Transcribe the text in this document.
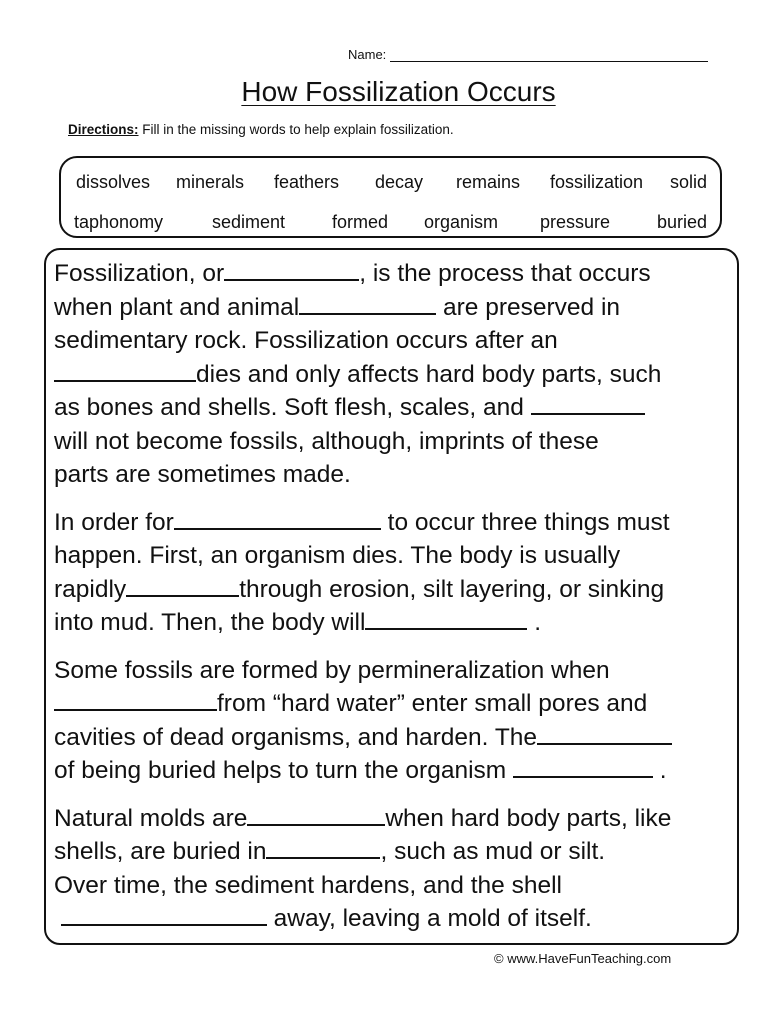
Name:
How Fossilization Occurs
Directions: Fill in the missing words to help explain fossilization.
dissolves minerals feathers decay remains fossilization solid
taphonomy	sediment	formed organism pressure	buried
Fossilization, or	, is the process that occurs
when plant and animal	are preserved in
sedimentary rock. Fossilization occurs after an
dies and only affects hard body parts, such
as bones and shells. Soft flesh, scales, and
will not become fossils, although, imprints of these
parts are sometimes made.
In order for	to occur three things must
happen. First, an organism dies. The body is usually
rapidly	through erosion, silt layering, or sinking
into mud. Then, the body will	.
Some fossils are formed by permineralization when
from “hard water” enter small pores and
cavities of dead organisms, and harden. The
of being buried helps to turn the organism	.
Natural molds are	when hard body parts, like
shells, are buried in	, such as mud or silt.
Over time, the sediment hardens, and the shell
away, leaving a mold of itself.
© www.HaveFunTeaching.com
